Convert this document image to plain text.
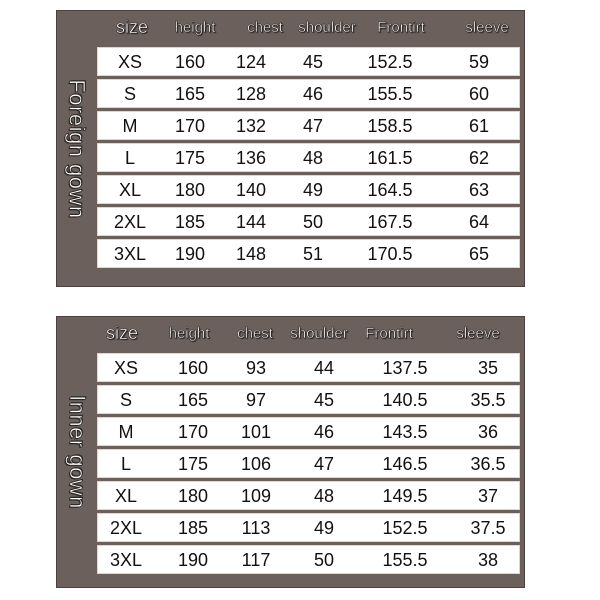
Foreign gown
size height chest shoulder Frontirt	sleeve
XS 160 124 45 152.5	59
S 165 128 46 155.5	60
M 170 132 47 158.5	61
L 175 136 48 161.5	62
XL 180 140 49 164.5	63
2XL 185 144 50 167.5	64
3XL 190 148 51 170.5	65
Inner gown
size height chest shoulder Frontirt	sleeve
XS 160 93	44	137.5	35
S	165 97	45	140.5 35.5
M 170 101 46	143.5	36
L	175 106 47	146.5 36.5
XL 180 109 48	149.5	37
2XL 185 113 49	152.5 37.5
3XL 190 117 50	155.5	38
